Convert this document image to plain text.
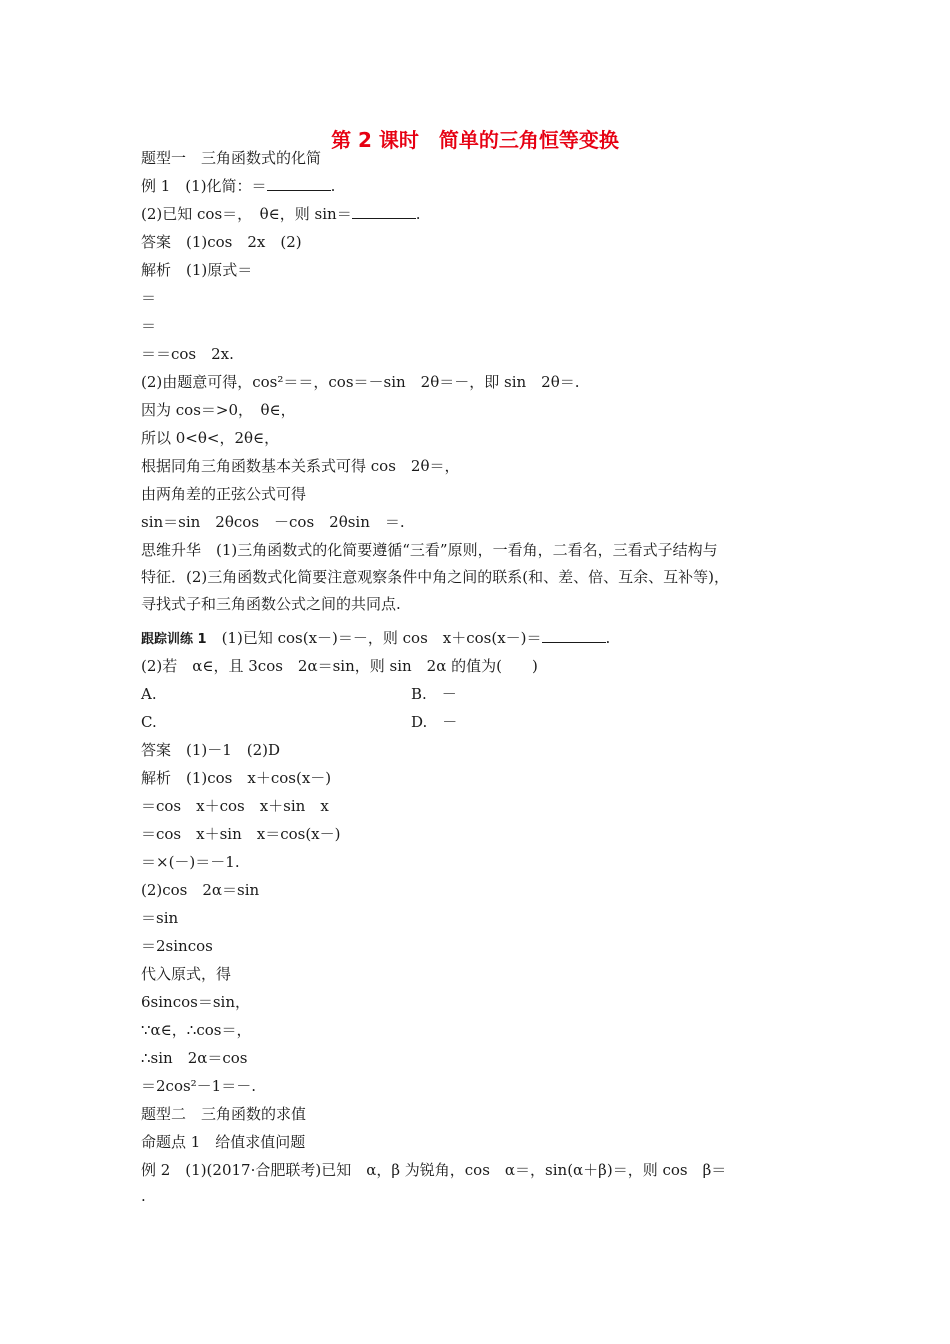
第 2 课时　简单的三角恒等变换
题型一　三角函数式的化简
例 1　(1)化简：＝	.
(2)已知 cos＝，　θ∈，则 sin＝	.
答案　(1)cos　2x　(2)
解析　(1)原式＝
＝
＝
＝＝cos　2x.
(2)由题意可得，cos²＝＝，cos＝－sin　2θ＝－，即 sin　2θ＝.
因为 cos＝>0，　θ∈，
所以 0<θ<，2θ∈，
根据同角三角函数基本关系式可得 cos　2θ＝，
由两角差的正弦公式可得
sin＝sin　2θcos　－cos　2θsin　＝.
思维升华　(1)三角函数式的化简要遵循“三看”原则，一看角，二看名，三看式子结构与
特征．(2)三角函数式化简要注意观察条件中角之间的联系(和、差、倍、互余、互补等)，
寻找式子和三角函数公式之间的共同点.
跟踪训练 1　(1)已知 cos(x－)＝－，则 cos　x＋cos(x－)＝	.
(2)若　α∈，且 3cos　2α＝sin，则 sin　2α 的值为(　　)
A.	B.　－
C.	D.　－
答案　(1)－1　(2)D
解析　(1)cos　x＋cos(x－)
＝cos　x＋cos　x＋sin　x
＝cos　x＋sin　x＝cos(x－)
＝×(－)＝－1.
(2)cos　2α＝sin
＝sin
＝2sincos
代入原式，得
6sincos＝sin，
∵α∈，∴cos＝，
∴sin　2α＝cos
＝2cos²－1＝－.
题型二　三角函数的求值
命题点 1　给值求值问题
例 2　(1)(2017·合肥联考)已知　α，β 为锐角，cos　α＝，sin(α＋β)＝，则 cos　β＝
.
